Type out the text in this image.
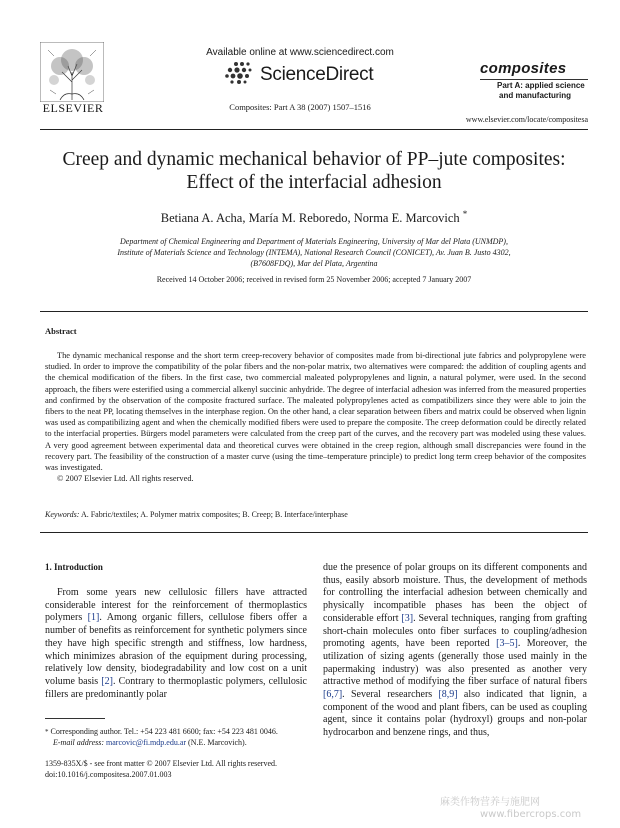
ELSEVIER
Available online at www.sciencedirect.com
ScienceDirect
Composites: Part A 38 (2007) 1507–1516
composites
Part A: applied science
and manufacturing
www.elsevier.com/locate/compositesa
Creep and dynamic mechanical behavior of PP–jute composites:
Effect of the interfacial adhesion
Betiana A. Acha, María M. Reboredo, Norma E. Marcovich *
Department of Chemical Engineering and Department of Materials Engineering, University of Mar del Plata (UNMDP),
Institute of Materials Science and Technology (INTEMA), National Research Council (CONICET), Av. Juan B. Justo 4302,
(B7608FDQ), Mar del Plata, Argentina
Received 14 October 2006; received in revised form 25 November 2006; accepted 7 January 2007
Abstract

The dynamic mechanical response and the short term creep-recovery behavior of composites made from bi-directional jute fabrics and polypropylene were studied. In order to improve the compatibility of the polar fibers and the non-polar matrix, two alternatives were compared: the addition of coupling agents and the chemical modification of the fibers. In the first case, two commercial maleated polypropylenes and lignin, a natural polymer, were used. In the second approach, the fibers were esterified using a commercial alkenyl succinic anhydride. The degree of interfacial adhesion was inferred from the measured properties and confirmed by the observation of the composite fractured surface. The maleated polypropylenes acted as compatibilizers since they were able to join the fibers to the neat PP, locating themselves in the interphase region. On the other hand, a clear separation between fibers and matrix could be observed when lignin was used as compatibilizing agent and when the chemically modified fibers were used to prepare the composite. The creep deformation could be directly related to the interfacial properties. Bürgers model parameters were calculated from the creep part of the curves, and the recovery part was modeled using these values. A very good agreement between experimental data and theoretical curves were obtained in the creep region, although small discrepancies were found in the recovery part. The feasibility of the construction of a master curve (using the time–temperature principle) to predict long term creep behavior of the composites was investigated.

© 2007 Elsevier Ltd. All rights reserved.

Keywords: A. Fabric/textiles; A. Polymer matrix composites; B. Creep; B. Interface/interphase
1. Introduction

From some years new cellulosic fillers have attracted considerable interest for the reinforcement of thermoplastics polymers [1]. Among organic fillers, cellulose fibers offer a number of benefits as reinforcement for synthetic polymers since they have high specific strength and stiffness, low hardness, which minimizes abrasion of the equipment during processing, relatively low density, biodegradability and low cost on a unit volume basis [2]. Contrary to thermoplastic polymers, cellulosic fillers are predominantly polar

due the presence of polar groups on its different components and thus, easily absorb moisture. Thus, the development of methods for controlling the interfacial adhesion between chemically and physically incompatible phases has been the object of considerable effort [3]. Several techniques, ranging from grafting short-chain molecules onto fiber surfaces to coupling/adhesion promoting agents, have been reported [3–5]. Moreover, the utilization of sizing agents (generally those used mainly in the papermaking industry) was also presented as another very attractive method of modifying the fiber surface of natural fibers [6,7]. Several researchers [8,9] also indicated that lignin, a component of the wood and plant fibers, can be used as coupling agent, since it contains polar (hydroxyl) groups and non-polar hydrocarbon and benzene rings, and thus,

* Corresponding author. Tel.: +54 223 481 6600; fax: +54 223 481 0046.
E-mail address: marcovic@fi.mdp.edu.ar (N.E. Marcovich).
1359-835X/$ - see front matter © 2007 Elsevier Ltd. All rights reserved.
doi:10.1016/j.compositesa.2007.01.003
麻类作物营养与施肥网
www.fibercrops.com
